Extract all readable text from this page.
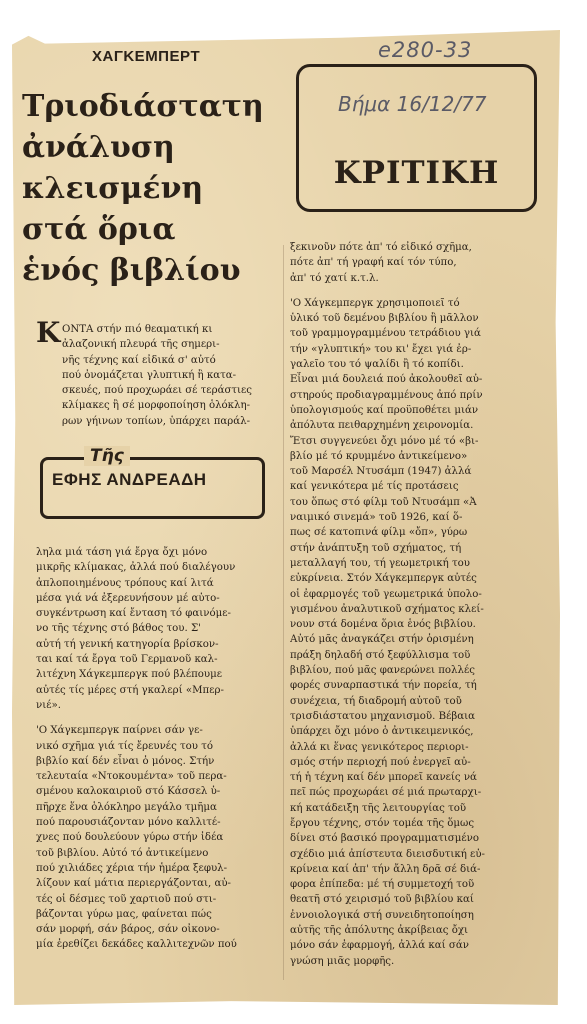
e280-33
ΚΡΙΤΙΚΗ
Βήμα 16/12/77
ΧΑΓΚΕΜΠΕΡΤ
Τριοδιάστατη
ἀνάλυση
κλεισμένη
στά ὅρια
ἑνός βιβλίου
Κ ΟΝΤΑ στήν πιό θεαματική κι
ἀλαζονική πλευρά τῆς σημερι-
νῆς τέχνης καί εἰδικά σ' αὐτό
πού ὀνομάζεται γλυπτική ἢ κατα-
σκευές, πού προχωράει σέ τεράστιες
κλίμακες ἢ σέ μορφοποίηση ὁλόκλη-
ρων γήινων τοπίων, ὑπάρχει παράλ-
Τῆς
ΕΦΗΣ ΑΝΔΡΕΑΔΗ
ληλα μιά τάση γιά ἔργα ὄχι μόνο
μικρῆς κλίμακας, ἀλλά πού διαλέγουν
ἀπλοποιημένους τρόπους καί λιτά
μέσα γιά νά ἐξερευνήσουν μέ αὐτο-
συγκέντρωση καί ἔνταση τό φαινόμε-
νο τῆς τέχνης στό βάθος του. Σ'
αὐτή τή γενική κατηγορία βρίσκον-
ται καί τά ἔργα τοῦ Γερμανοῦ καλ-
λιτέχνη Χάγκεμπεργκ πού βλέπουμε
αὐτές τίς μέρες στή γκαλερί «Μπερ-
νιέ».
'Ο Χάγκεμπεργκ παίρνει σάν γε-
νικό σχῆμα γιά τίς ἔρευνές του τό
βιβλίο καί δέν εἶναι ὁ μόνος. Στήν
τελευταία «Ντοκουμέντα» τοῦ περα-
σμένου καλοκαιριοῦ στό Κάσσελ ὑ-
πῆρχε ἕνα ὁλόκληρο μεγάλο τμῆμα
πού παρουσιάζονταν μόνο καλλιτέ-
χνες πού δουλεύουν γύρω στήν ἰδέα
τοῦ βιβλίου. Αὐτό τό ἀντικείμενο
πού χιλιάδες χέρια τήν ἡμέρα ξεφυλ-
λίζουν καί μάτια περιεργάζονται, αὐ-
τές οἱ δέσμες τοῦ χαρτιοῦ πού στι-
βάζονται γύρω μας, φαίνεται πώς
σάν μορφή, σάν βάρος, σάν οἰκονο-
μία ἐρεθίζει δεκάδες καλλιτεχνῶν πού
ξεκινοῦν πότε ἀπ' τό εἰδικό σχῆμα,
πότε ἀπ' τή γραφή καί τόν τύπο,
ἀπ' τό χατί κ.τ.λ.
'Ο Χάγκεμπεργκ χρησιμοποιεῖ τό
ὑλικό τοῦ δεμένου βιβλίου ἢ μᾶλλον
τοῦ γραμμογραμμένου τετράδιου γιά
τήν «γλυπτική» του κι' ἔχει γιά ἐρ-
γαλεῖο του τό ψαλίδι ἢ τό κοπίδι.
Εἶναι μιά δουλειά πού ἀκολουθεῖ αὐ-
στηρούς προδιαγραμμένους ἀπό πρίν
ὑπολογισμούς καί προϋποθέτει μιάν
ἀπόλυτα πειθαρχημένη χειρονομία.
Ἔτσι συγγενεύει ὄχι μόνο μέ τό «βι-
βλίο μέ τό κρυμμένο ἀντικείμενο»
τοῦ Μαρσέλ Ντυσάμπ (1947) ἀλλά
καί γενικότερα μέ τίς προτάσεις
του ὅπως στό φίλμ τοῦ Ντυσάμπ «Ἀ
ναιμικό σινεμά» τοῦ 1926, καί ὅ-
πως σέ κατοπινά φίλμ «ὄπ», γύρω
στήν ἀνάπτυξη τοῦ σχήματος, τή
μεταλλαγή του, τή γεωμετρική του
εὐκρίνεια. Στόν Χάγκεμπεργκ αὐτές
οἱ ἐφαρμογές τοῦ γεωμετρικά ὑπολο-
γισμένου ἀναλυτικοῦ σχήματος κλεί-
νουν στά δομένα ὅρια ἑνός βιβλίου.
Αὐτό μᾶς ἀναγκάζει στήν ὁρισμένη
πράξη δηλαδή στό ξεφύλλισμα τοῦ
βιβλίου, πού μᾶς φανερώνει πολλές
φορές συναρπαστικά τήν πορεία, τή
συνέχεια, τή διαδρομή αὐτοῦ τοῦ
τρισδιάστατου μηχανισμοῦ. Βέβαια
ὑπάρχει ὄχι μόνο ὁ ἀντικειμενικός,
ἀλλά κι ἕνας γενικότερος περιορι-
σμός στήν περιοχή πού ἐνεργεῖ αὐ-
τή ἡ τέχνη καί δέν μπορεῖ κανείς νά
πεῖ πώς προχωράει σέ μιά πρωταρχι-
κή κατάδειξη τῆς λειτουργίας τοῦ
ἔργου τέχνης, στόν τομέα τῆς ὅμως
δίνει στό βασικό προγραμματισμένο
σχέδιο μιά ἀπίστευτα διεισδυτική εὐ-
κρίνεια καί ἀπ' τήν ἄλλη δρᾶ σέ διά-
φορα ἐπίπεδα: μέ τή συμμετοχή τοῦ
θεατῆ στό χειρισμό τοῦ βιβλίου καί
ἐννοιολογικά στή συνειδητοποίηση
αὐτῆς τῆς ἀπόλυτης ἀκρίβειας ὄχι
μόνο σάν ἐφαρμογή, ἀλλά καί σάν
γνώση μιᾶς μορφῆς.
